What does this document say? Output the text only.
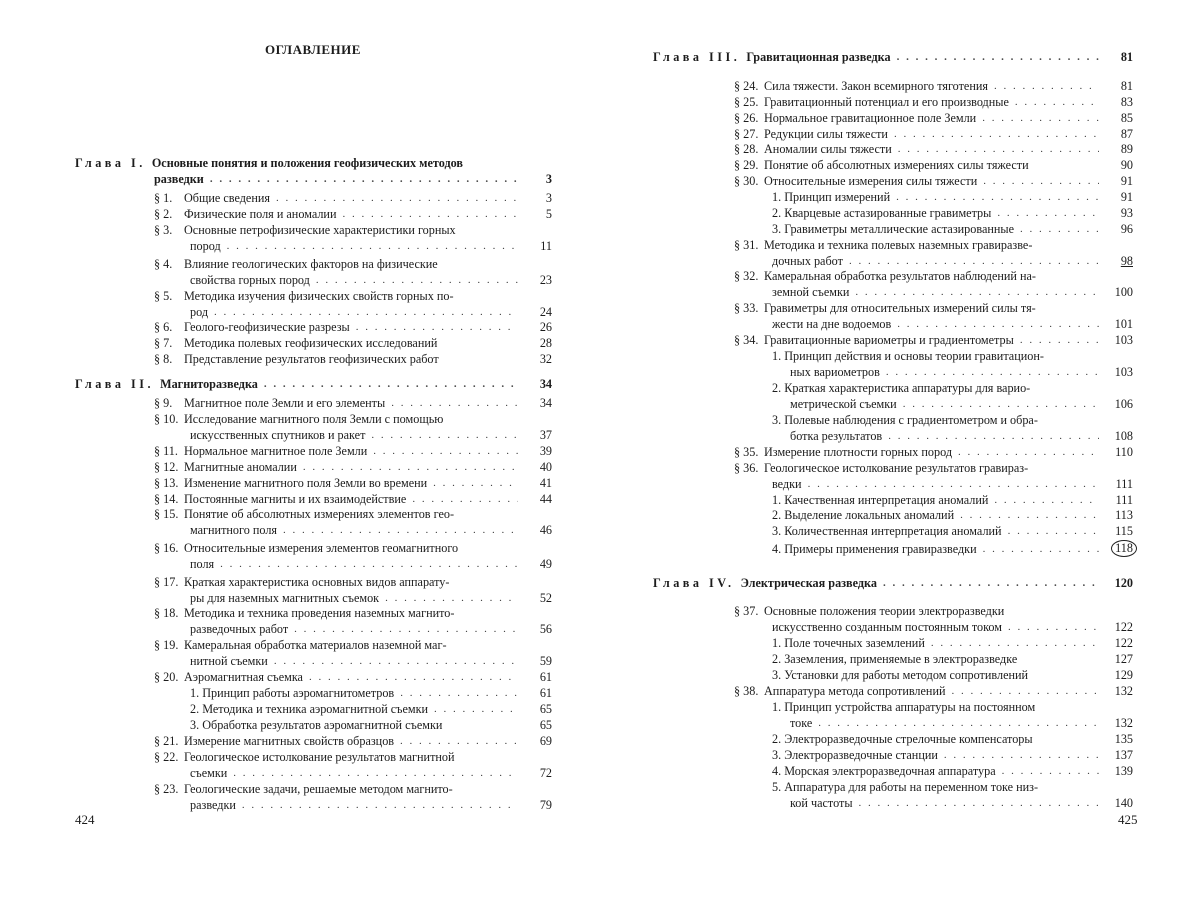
ОГЛАВЛЕНИЕ
Глава I. Основные понятия и положения геофизических методов
разведки . . .	3
§ 1. Общие сведения . . .	3
§ 2. Физические поля и аномалии . . .	5
§ 3. Основные петрофизические характеристики горных
пород . . .	11
§ 4. Влияние геологических факторов на физические
свойства горных пород . . .	23
§ 5. Методика изучения физических свойств горных по-
род . . .	24
§ 6. Геолого-геофизические разрезы . . .	26
§ 7. Методика полевых геофизических исследований	28
§ 8. Представление результатов геофизических работ	32
Глава II. Магниторазведка . . .	34
§ 9. Магнитное поле Земли и его элементы . . .	34
§ 10. Исследование магнитного поля Земли с помощью
искусственных спутников и ракет . . .	37
§ 11. Нормальное магнитное поле Земли . . .	39
§ 12. Магнитные аномалии . . .	40
§ 13. Изменение магнитного поля Земли во времени . . .	41
§ 14. Постоянные магниты и их взаимодействие . . .	44
§ 15. Понятие об абсолютных измерениях элементов гео-
магнитного поля . . .	46
§ 16. Относительные измерения элементов геомагнитного
поля . . .	49
§ 17. Краткая характеристика основных видов аппарату-
ры для наземных магнитных съемок . . .	52
§ 18. Методика и техника проведения наземных магнито-
разведочных работ . . .	56
§ 19. Камеральная обработка материалов наземной маг-
нитной съемки . . .	59
§ 20. Аэромагнитная съемка . . .	61
1. Принцип работы аэромагнитометров . . .	61
2. Методика и техника аэромагнитной съемки . . .	65
3. Обработка результатов аэромагнитной съемки	65
§ 21. Измерение магнитных свойств образцов . . .	69
§ 22. Геологическое истолкование результатов магнитной
съемки . . .	72
§ 23. Геологические задачи, решаемые методом магнито-
разведки . . .	79
424
Глава III. Гравитационная разведка . . .	81
§ 24. Сила тяжести. Закон всемирного тяготения . . .	81
§ 25. Гравитационный потенциал и его производные . . .	83
§ 26. Нормальное гравитационное поле Земли . . .	85
§ 27. Редукции силы тяжести . . .	87
§ 28. Аномалии силы тяжести . . .	89
§ 29. Понятие об абсолютных измерениях силы тяжести	90
§ 30. Относительные измерения силы тяжести . . .	91
1. Принцип измерений . . .	91
2. Кварцевые астазированные гравиметры . . .	93
3. Гравиметры металлические астазированные . . .	96
§ 31. Методика и техника полевых наземных гравиразве-
дочных работ . . .	98
§ 32. Камеральная обработка результатов наблюдений на-
земной съемки . . .	100
§ 33. Гравиметры для относительных измерений силы тя-
жести на дне водоемов . . .	101
§ 34. Гравитационные вариометры и градиентометры . . .	103
1. Принцип действия и основы теории гравитацион-
ных вариометров . . .	103
2. Краткая характеристика аппаратуры для вариo-
метрической съемки . . .	106
3. Полевые наблюдения с градиентометром и обра-
ботка результатов . . .	108
§ 35. Измерение плотности горных пород . . .	110
§ 36. Геологическое истолкование результатов гравираз-
ведки . . .	111
1. Качественная интерпретация аномалий . . .	111
2. Выделение локальных аномалий . . .	113
3. Количественная интерпретация аномалий . . .	115
4. Примеры применения гравиразведки . . .	118
Глава IV. Электрическая разведка . . .	120
§ 37. Основные положения теории электроразведки
искусственно созданным постоянным током . . .	122
1. Поле точечных заземлений . . .	122
2. Заземления, применяемые в электроразведке	127
3. Установки для работы методом сопротивлений	129
§ 38. Аппаратура метода сопротивлений . . .	132
1. Принцип устройства аппаратуры на постоянном
токе . . .	132
2. Электроразведочные стрелочные компенсаторы	135
3. Электроразведочные станции . . .	137
4. Морская электроразведочная аппаратура . . .	139
5. Аппаратура для работы на переменном токе низ-
кой частоты . . .	140
425
